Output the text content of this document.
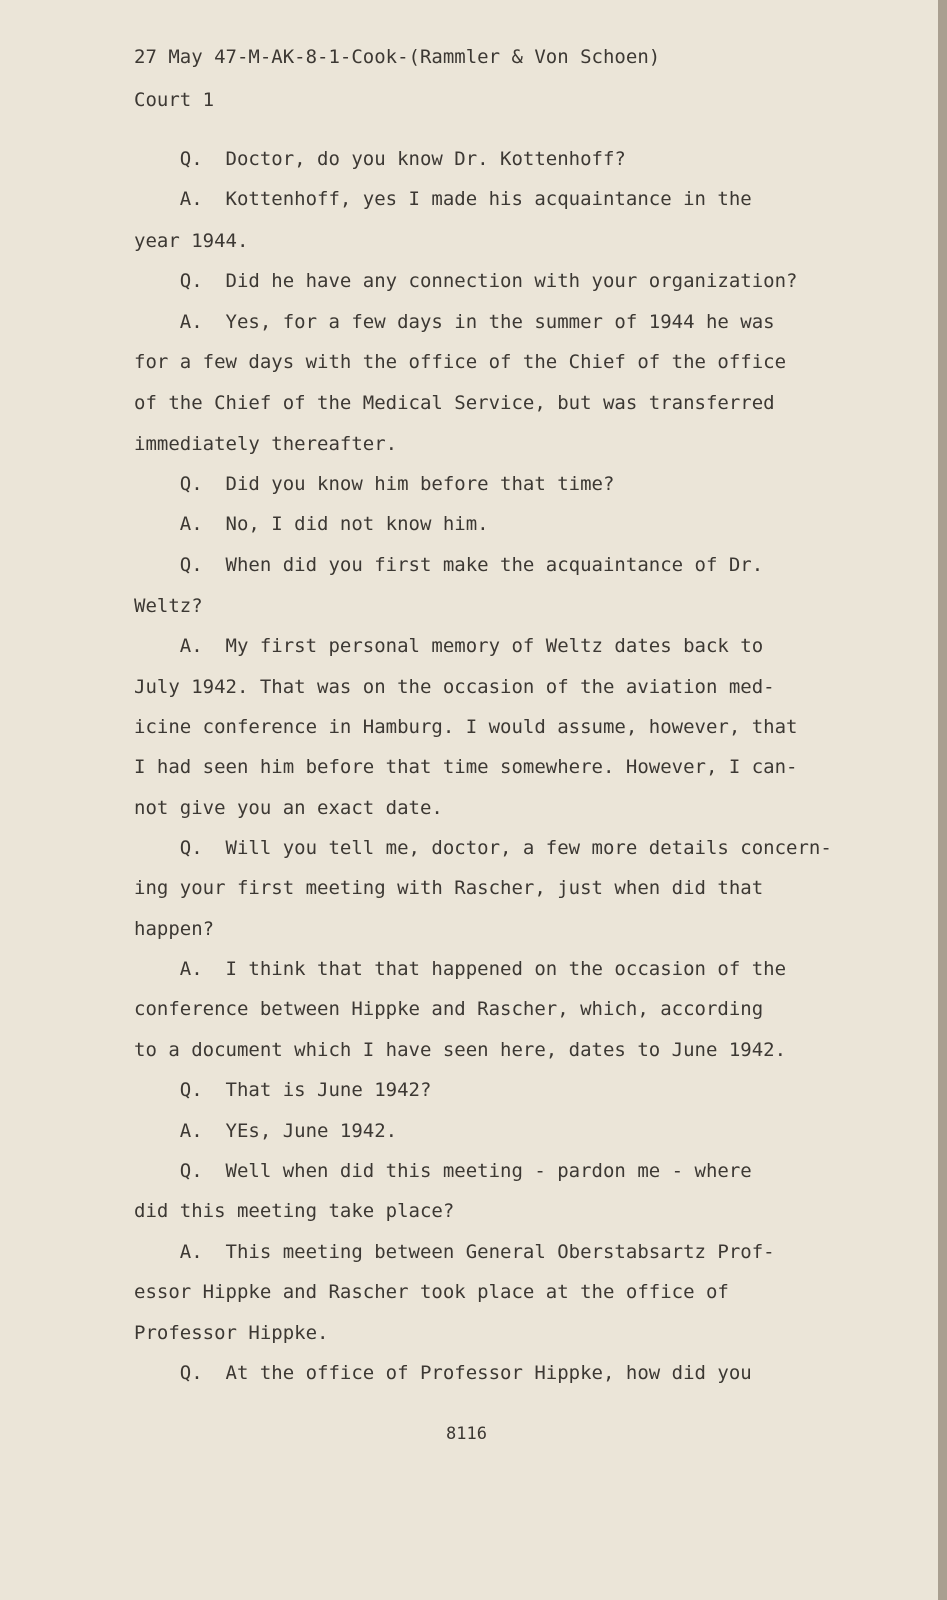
27 May 47-M-AK-8-1-Cook-(Rammler & Von Schoen)
Court 1
Q.  Doctor, do you know Dr. Kottenhoff?
A.  Kottenhoff, yes I made his acquaintance in the
year 1944.
Q.  Did he have any connection with your organization?
A.  Yes, for a few days in the summer of 1944 he was
for a few days with the office of the Chief of the office
of the Chief of the Medical Service, but was transferred
immediately thereafter.
Q.  Did you know him before that time?
A.  No, I did not know him.
Q.  When did you first make the acquaintance of Dr.
Weltz?
A.  My first personal memory of Weltz dates back to
July 1942. That was on the occasion of the aviation med-
icine conference in Hamburg. I would assume, however, that
I had seen him before that time somewhere. However, I can-
not give you an exact date.
Q.  Will you tell me, doctor, a few more details concern-
ing your first meeting with Rascher, just when did that
happen?
A.  I think that that happened on the occasion of the
conference between Hippke and Rascher, which, according
to a document which I have seen here, dates to June 1942.
Q.  That is June 1942?
A.  YEs, June 1942.
Q.  Well when did this meeting - pardon me - where
did this meeting take place?
A.  This meeting between General Oberstabsartz Prof-
essor Hippke and Rascher took place at the office of
Professor Hippke.
Q.  At the office of Professor Hippke, how did you
8116
